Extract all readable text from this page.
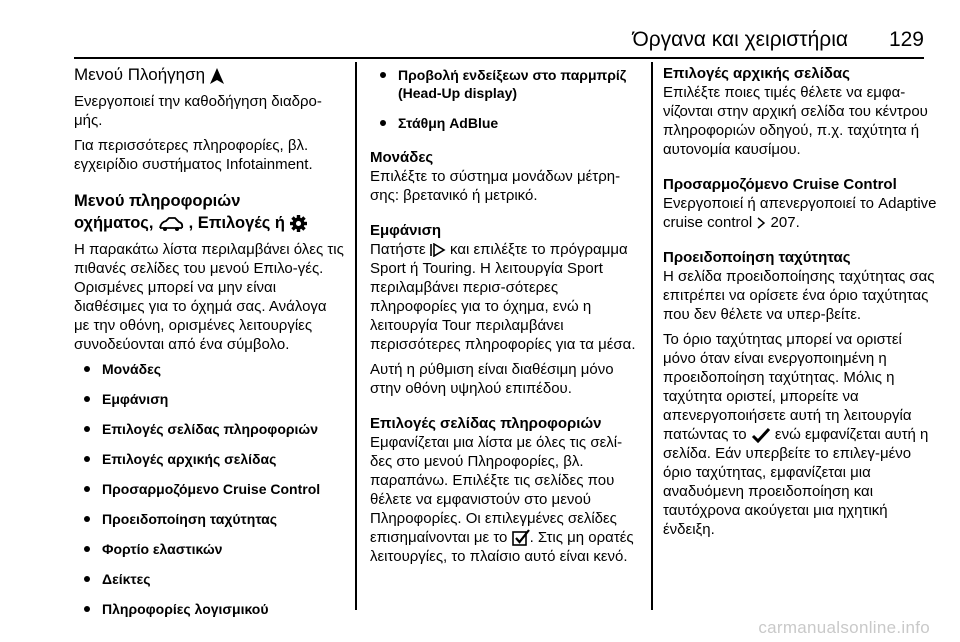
Όργανα και χειριστήρια 129
Μενού Πλοήγηση

Ενεργοποιεί την καθοδήγηση διαδρο-μής.

Για περισσότερες πληροφορίες, βλ. εγχειρίδιο συστήματος Infotainment.

Μενού πληροφοριών
οχήματος, , Επιλογές ή

Η παρακάτω λίστα περιλαμβάνει όλες τις πιθανές σελίδες του μενού Επιλο-γές. Ορισμένες μπορεί να μην είναι διαθέσιμες για το όχημά σας. Ανάλογα με την οθόνη, ορισμένες λειτουργίες συνοδεύονται από ένα σύμβολο.

Μονάδες
Εμφάνιση
Επιλογές σελίδας πληροφοριών
Επιλογές αρχικής σελίδας
Προσαρμοζόμενο Cruise Control
Προειδοποίηση ταχύτητας
Φορτίο ελαστικών
Δείκτες
Πληροφορίες λογισμικού
Προβολή ενδείξεων στο παρμπρίζ (Head-Up display)
Στάθμη AdBlue

Μονάδες

Επιλέξτε το σύστημα μονάδων μέτρη-σης: βρετανικό ή μετρικό.

Εμφάνιση

Πατήστε και επιλέξτε το πρόγραμμα Sport ή Touring. Η λειτουργία Sport περιλαμβάνει περισ-σότερες πληροφορίες για το όχημα, ενώ η λειτουργία Tour περιλαμβάνει περισσότερες πληροφορίες για τα μέσα.

Αυτή η ρύθμιση είναι διαθέσιμη μόνο στην οθόνη υψηλού επιπέδου.

Επιλογές σελίδας πληροφοριών

Εμφανίζεται μια λίστα με όλες τις σελί-δες στο μενού Πληροφορίες, βλ. παραπάνω. Επιλέξτε τις σελίδες που θέλετε να εμφανιστούν στο μενού Πληροφορίες. Οι επιλεγμένες σελίδες επισημαίνονται με το . Στις μη ορατές λειτουργίες, το πλαίσιο αυτό είναι κενό.

Επιλογές αρχικής σελίδας

Επιλέξτε ποιες τιμές θέλετε να εμφα-νίζονται στην αρχική σελίδα του κέντρου πληροφοριών οδηγού, π.χ. ταχύτητα ή αυτονομία καυσίμου.

Προσαρμοζόμενο Cruise Control

Ενεργοποιεί ή απενεργοποιεί το Adaptive cruise control 207.

Προειδοποίηση ταχύτητας

Η σελίδα προειδοποίησης ταχύτητας σας επιτρέπει να ορίσετε ένα όριο ταχύτητας που δεν θέλετε να υπερ-βείτε.

Το όριο ταχύτητας μπορεί να οριστεί μόνο όταν είναι ενεργοποιημένη η προειδοποίηση ταχύτητας. Μόλις η ταχύτητα οριστεί, μπορείτε να απενεργοποιήσετε αυτή τη λειτουργία πατώντας το ενώ εμφανίζεται αυτή η σελίδα. Εάν υπερβείτε το επιλεγ-μένο όριο ταχύτητας, εμφανίζεται μια αναδυόμενη προειδοποίηση και ταυτόχρονα ακούγεται μια ηχητική ένδειξη.

carmanualsonline.info
